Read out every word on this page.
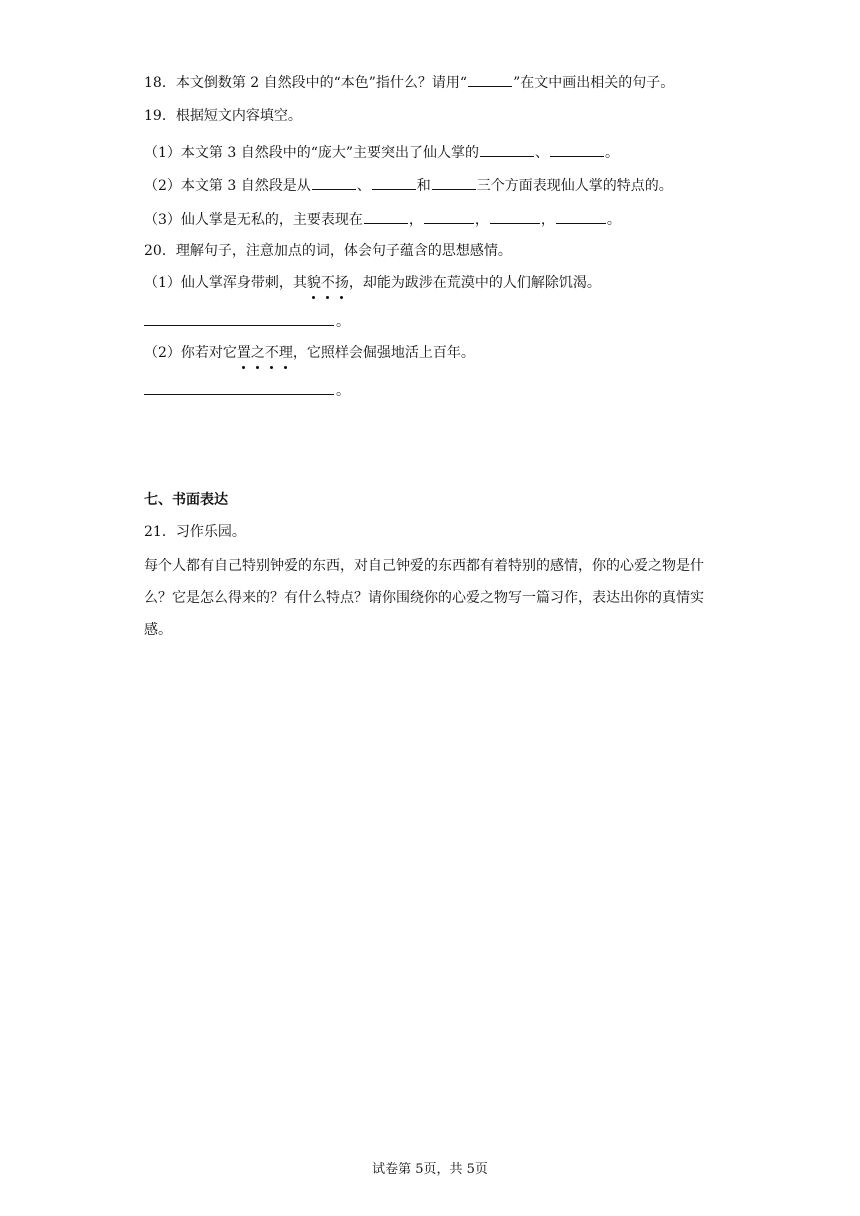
18．本文倒数第 2 自然段中的“本色”指什么？请用“	”在文中画出相关的句子。
19．根据短文内容填空。
（1）本文第 3 自然段中的“庞大”主要突出了仙人掌的	、	。
（2）本文第 3 自然段是从	、	和	三个方面表现仙人掌的特点的。
（3）仙人掌是无私的，主要表现在	，	，	，	。
20．理解句子，注意加点的词，体会句子蕴含的思想感情。
（1）仙人掌浑身带刺，其貌不扬，却能为跋涉在荒漠中的人们解除饥渴。
。
（2）你若对它置之不理，它照样会倔强地活上百年。
。
七、书面表达
21．习作乐园。
每个人都有自己特别钟爱的东西，对自己钟爱的东西都有着特别的感情，你的心爱之物是什么？它是怎么得来的？有什么特点？请你围绕你的心爱之物写一篇习作，表达出你的真情实感。
试卷第 5页，共 5页
